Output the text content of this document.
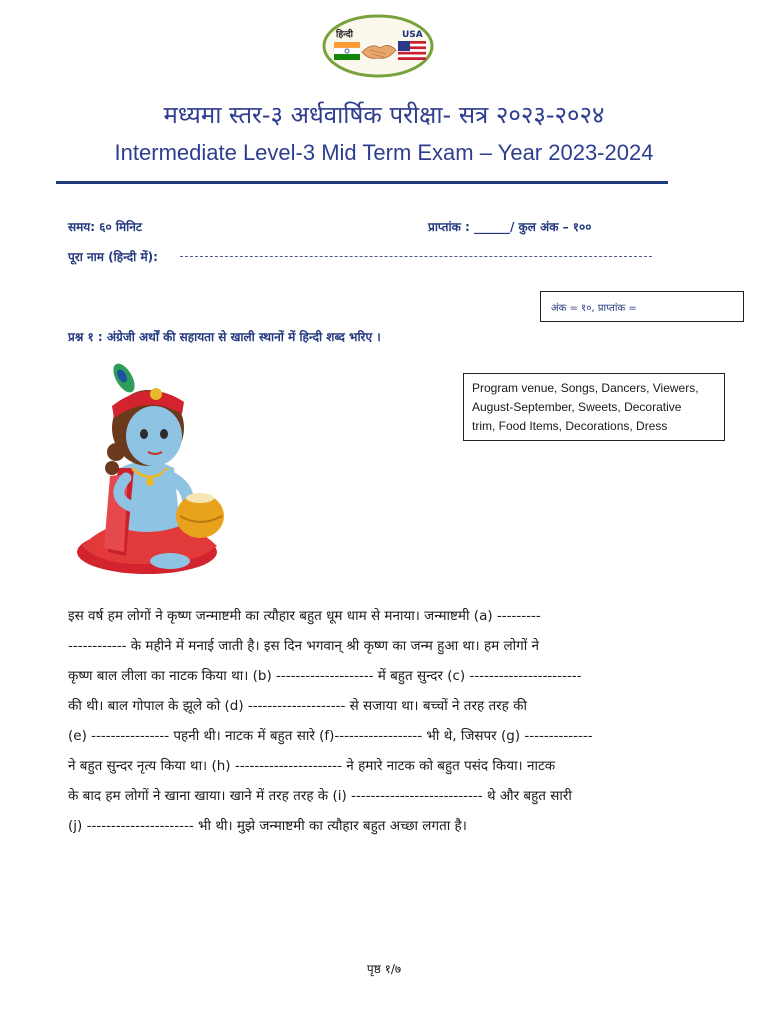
हिन्दी	USA
मध्यमा स्तर-३ अर्धवार्षिक परीक्षा- सत्र २०२३-२०२४
Intermediate Level-3 Mid Term Exam – Year 2023-2024
समय: ६० मिनिट	प्राप्तांक : ______/ कुल अंक – १००
पूरा नाम (हिन्दी में):
अंक = १०, प्राप्तांक =
प्रश्न १ : अंग्रेजी अर्थों की सहायता से खाली स्थानों में हिन्दी शब्द भरिए ।
Program venue, Songs, Dancers, Viewers,
August-September, Sweets, Decorative
trim, Food Items, Decorations, Dress
इस वर्ष हम लोगों ने कृष्ण जन्माष्टमी का त्यौहार बहुत धूम धाम से मनाया। जन्माष्टमी (a) ---------
------------ के महीने में मनाई जाती है। इस दिन भगवान् श्री कृष्ण का जन्म हुआ था। हम लोगों ने
कृष्ण बाल लीला का नाटक किया था। (b) -------------------- में बहुत सुन्दर (c) -----------------------
की थी। बाल गोपाल के झूले को (d) -------------------- से सजाया था। बच्चों ने तरह तरह की
(e) ---------------- पहनी थी। नाटक में बहुत सारे (f)------------------ भी थे, जिसपर (g) --------------
ने बहुत सुन्दर नृत्य किया था। (h) ---------------------- ने हमारे नाटक को बहुत पसंद किया। नाटक
के बाद हम लोगों ने खाना खाया। खाने में तरह तरह के (i) --------------------------- थे और बहुत सारी
(j) ---------------------- भी थी। मुझे जन्माष्टमी का त्यौहार बहुत अच्छा लगता है।
पृष्ठ १/७
